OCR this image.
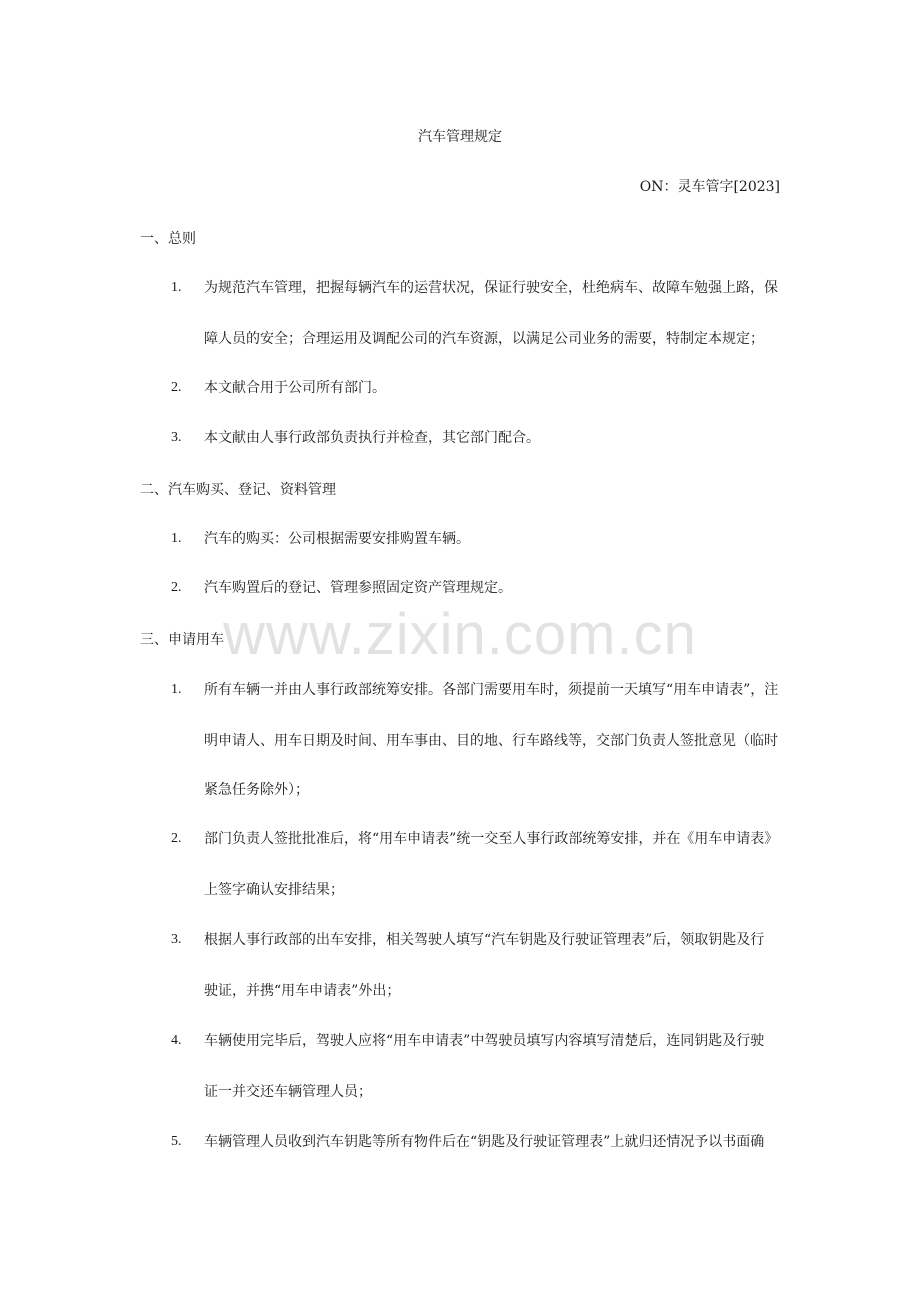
汽车管理规定
ON：灵车管字[2023]
一、总则
1. 为规范汽车管理，把握每辆汽车的运营状况，保证行驶安全，杜绝病车、故障车勉强上路，保
障人员的安全；合理运用及调配公司的汽车资源，以满足公司业务的需要，特制定本规定；
2. 本文献合用于公司所有部门。
3. 本文献由人事行政部负责执行并检查，其它部门配合。
二、汽车购买、登记、资料管理
1. 汽车的购买：公司根据需要安排购置车辆。
2. 汽车购置后的登记、管理参照固定资产管理规定。
三、申请用车
1. 所有车辆一并由人事行政部统筹安排。各部门需要用车时，须提前一天填写“用车申请表”，注
明申请人、用车日期及时间、用车事由、目的地、行车路线等，交部门负责人签批意见（临时
紧急任务除外）；
2. 部门负责人签批批准后，将“用车申请表”统一交至人事行政部统筹安排，并在《用车申请表》
上签字确认安排结果；
3. 根据人事行政部的出车安排，相关驾驶人填写“汽车钥匙及行驶证管理表”后，领取钥匙及行
驶证，并携“用车申请表”外出；
4. 车辆使用完毕后，驾驶人应将“用车申请表”中驾驶员填写内容填写清楚后，连同钥匙及行驶
证一并交还车辆管理人员；
5. 车辆管理人员收到汽车钥匙等所有物件后在“钥匙及行驶证管理表”上就归还情况予以书面确
www.zixin.com.cn
